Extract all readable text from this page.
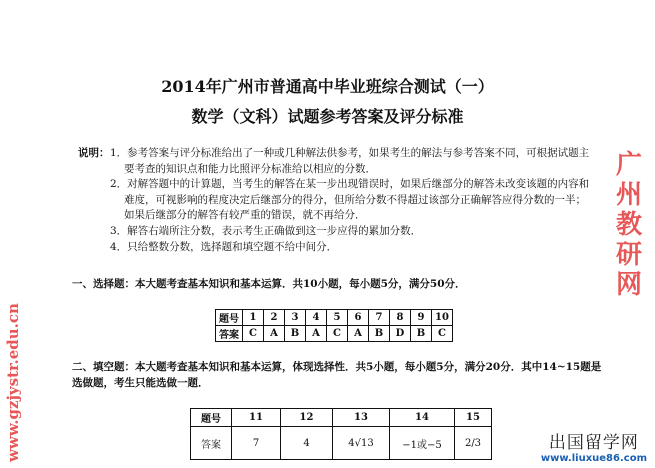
2014年广州市普通高中毕业班综合测试（一）
数学（文科）试题参考答案及评分标准
说明： 1．参考答案与评分标准给出了一种或几种解法供参考，如果考生的解法与参考答案不同，可根据试题主要考查的知识点和能力比照评分标准给以相应的分数．
2．对解答题中的计算题，当考生的解答在某一步出现错误时，如果后继部分的解答未改变该题的内容和难度，可视影响的程度决定后继部分的得分，但所给分数不得超过该部分正确解答应得分数的一半；如果后继部分的解答有较严重的错误，就不再给分．
3．解答右端所注分数，表示考生正确做到这一步应得的累加分数．
4．只给整数分数，选择题和填空题不给中间分．
一、选择题：本大题考查基本知识和基本运算．共10小题，每小题5分，满分50分．
题号	1	2	3	4	5	6	7	8	9	10
答案	C	A	B	A	C	A	B	D	B	C
二、填空题：本大题考查基本知识和基本运算，体现选择性．共5小题，每小题5分，满分20分．其中14~15题是选做题，考生只能选做一题．
题号	11	12	13	14	15
答案	7	4	4√13	−1或−5	2/3
广州教研网
www.gzjystr.edu.cn	出国留学网
www.liuxue86.com
